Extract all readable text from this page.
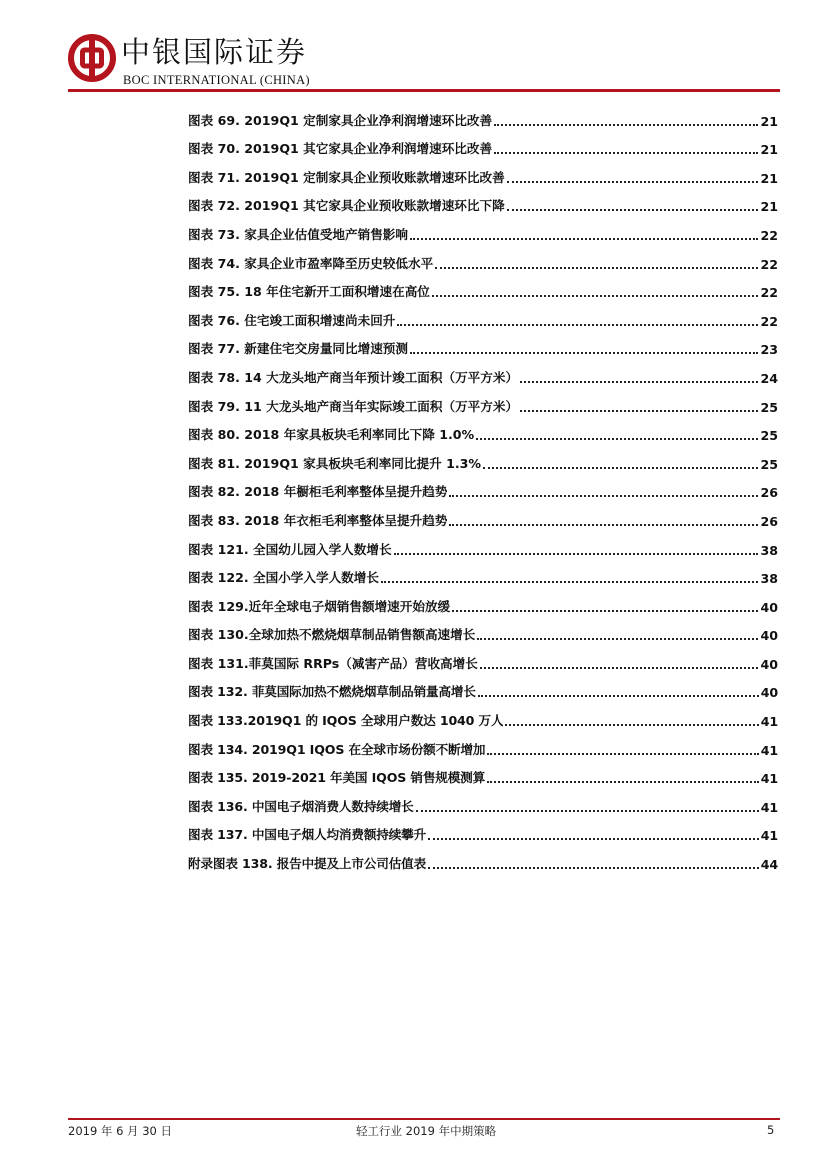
中银国际证券
BOC INTERNATIONAL (CHINA)
图表 69. 2019Q1 定制家具企业净利润增速环比改善	21
图表 70. 2019Q1 其它家具企业净利润增速环比改善	21
图表 71. 2019Q1 定制家具企业预收账款增速环比改善	21
图表 72. 2019Q1 其它家具企业预收账款增速环比下降	21
图表 73. 家具企业估值受地产销售影响	22
图表 74. 家具企业市盈率降至历史较低水平	22
图表 75. 18 年住宅新开工面积增速在高位	22
图表 76. 住宅竣工面积增速尚未回升	22
图表 77. 新建住宅交房量同比增速预测	23
图表 78. 14 大龙头地产商当年预计竣工面积（万平方米）	24
图表 79. 11 大龙头地产商当年实际竣工面积（万平方米）	25
图表 80. 2018 年家具板块毛利率同比下降 1.0%	25
图表 81. 2019Q1 家具板块毛利率同比提升 1.3%	25
图表 82. 2018 年橱柜毛利率整体呈提升趋势	26
图表 83. 2018 年衣柜毛利率整体呈提升趋势	26
图表 121. 全国幼儿园入学人数增长	38
图表 122. 全国小学入学人数增长	38
图表 129.近年全球电子烟销售额增速开始放缓	40
图表 130.全球加热不燃烧烟草制品销售额高速增长	40
图表 131.菲莫国际 RRPs（减害产品）营收高增长	40
图表 132. 菲莫国际加热不燃烧烟草制品销量高增长	40
图表 133.2019Q1 的 IQOS 全球用户数达 1040 万人	41
图表 134. 2019Q1 IQOS 在全球市场份额不断增加	41
图表 135. 2019-2021 年美国 IQOS 销售规模测算	41
图表 136. 中国电子烟消费人数持续增长	41
图表 137. 中国电子烟人均消费额持续攀升	41
附录图表 138. 报告中提及上市公司估值表	44
2019 年 6 月 30 日	轻工行业 2019 年中期策略	5
